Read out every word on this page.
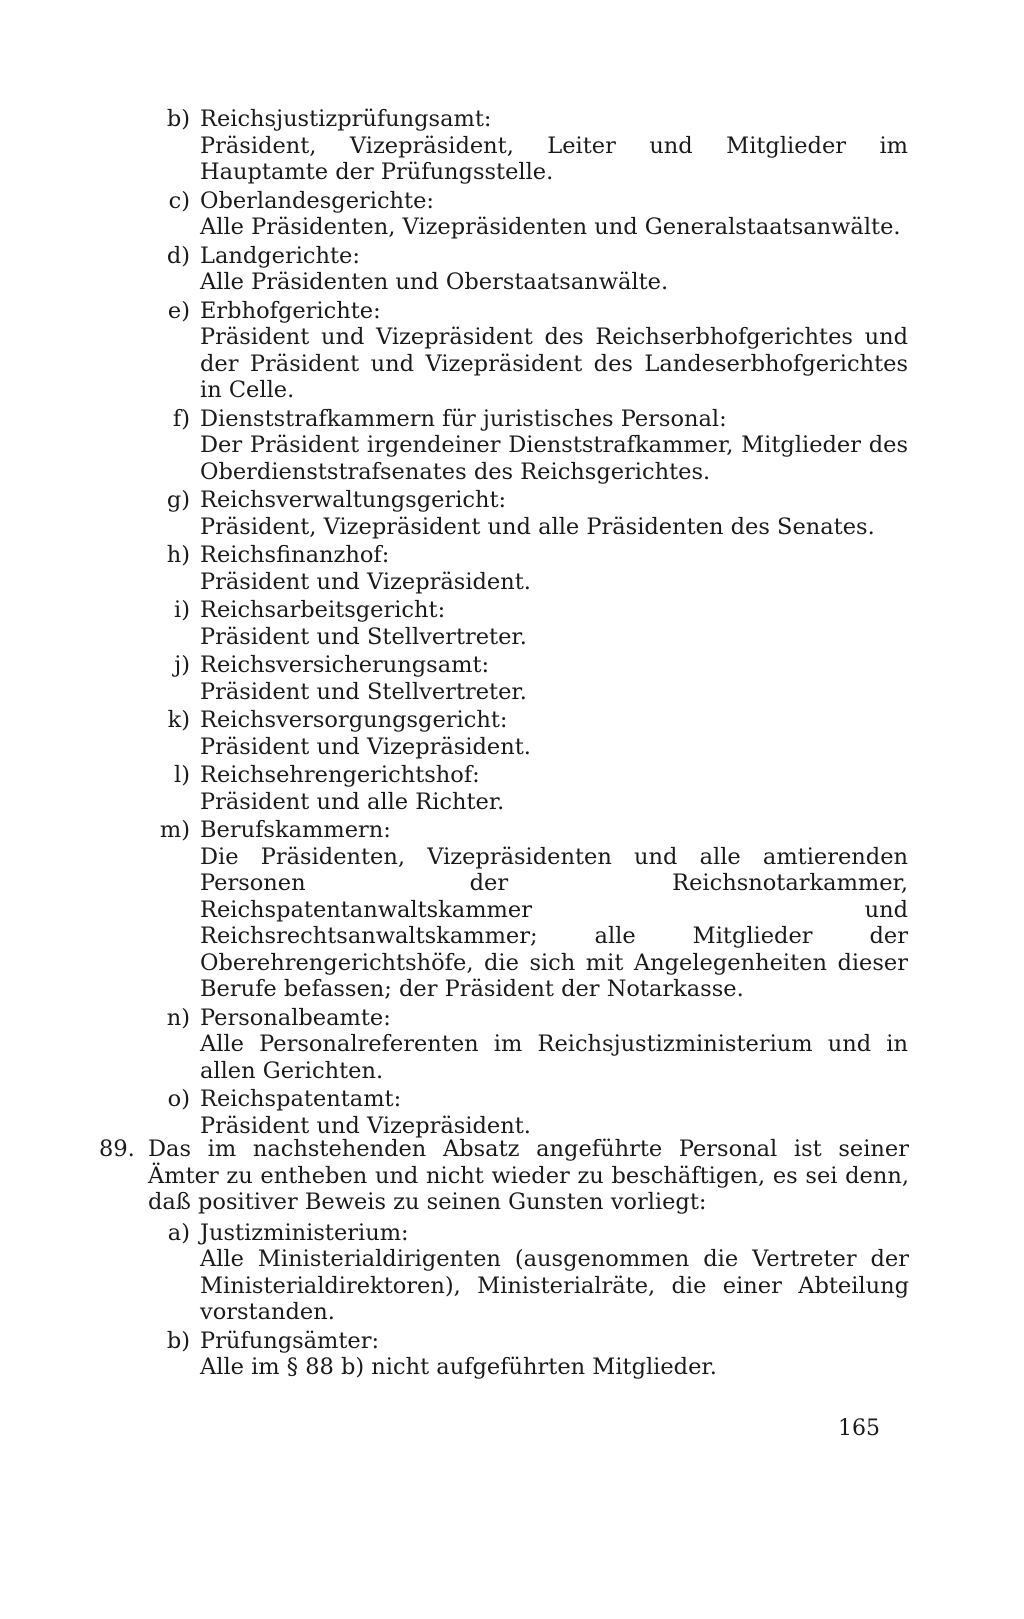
b) Reichsjustizprüfungsamt:
Präsident, Vizepräsident, Leiter und Mitglieder im Hauptamte der Prüfungsstelle.
c) Oberlandesgerichte:
Alle Präsidenten, Vizepräsidenten und Generalstaatsanwälte.
d) Landgerichte:
Alle Präsidenten und Oberstaatsanwälte.
e) Erbhofgerichte:
Präsident und Vizepräsident des Reichserbhofgerichtes und der Präsident und Vizepräsident des Landeserbhofgerichtes in Celle.
f) Dienststrafkammern für juristisches Personal:
Der Präsident irgendeiner Dienststrafkammer, Mitglieder des Oberdienststrafsenates des Reichsgerichtes.
g) Reichsverwaltungsgericht:
Präsident, Vizepräsident und alle Präsidenten des Senates.
h) Reichsfinanzhof:
Präsident und Vizepräsident.
i) Reichsarbeitsgericht:
Präsident und Stellvertreter.
j) Reichsversicherungsamt:
Präsident und Stellvertreter.
k) Reichsversorgungsgericht:
Präsident und Vizepräsident.
l) Reichsehrengerichtshof:
Präsident und alle Richter.
m) Berufskammern:
Die Präsidenten, Vizepräsidenten und alle amtierenden Personen der Reichsnotarkammer, Reichspatentanwaltskammer und Reichsrechtsanwaltskammer; alle Mitglieder der Oberehrengerichtshöfe, die sich mit Angelegenheiten dieser Berufe befassen; der Präsident der Notarkasse.
n) Personalbeamte:
Alle Personalreferenten im Reichsjustizministerium und in allen Gerichten.
o) Reichspatentamt:
Präsident und Vizepräsident.
89. Das im nachstehenden Absatz angeführte Personal ist seiner Ämter zu entheben und nicht wieder zu beschäftigen, es sei denn, daß positiver Beweis zu seinen Gunsten vorliegt:
a) Justizministerium:
Alle Ministerialdirigenten (ausgenommen die Vertreter der Ministerialdirektoren), Ministerialräte, die einer Abteilung vorstanden.
b) Prüfungsämter:
Alle im § 88 b) nicht aufgeführten Mitglieder.
165
